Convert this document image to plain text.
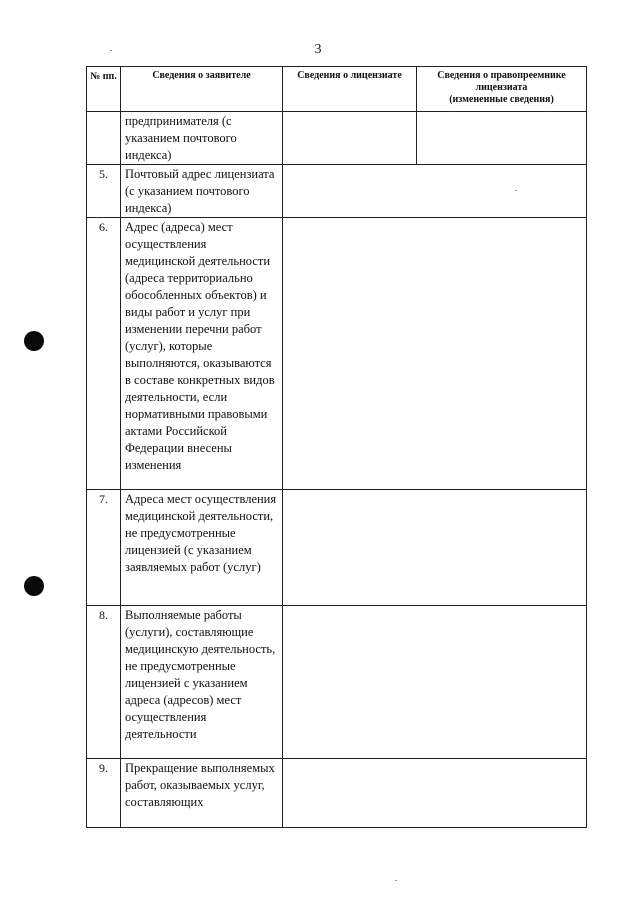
3
№ пп.	Сведения о заявителе	Сведения о лицензиате	Сведения о правопреемнике лицензиата
(измененные сведения)

	предпринимателя (с указанием почтового индекса)		
5.	Почтовый адрес лицензиата (с указанием почтового индекса)		
6.	Адрес (адреса) мест осуществления медицинской деятельности (адреса территориально обособленных объектов) и виды работ и услуг при изменении перечни работ (услуг), которые выполняются, оказываются в составе конкретных видов деятельности, если нормативными правовыми актами Российской Федерации внесены изменения		
7.	Адреса мест осуществления медицинской деятельности, не предусмотренные лицензией (с указанием заявляемых работ (услуг)		
8.	Выполняемые работы (услуги), составляющие медицинскую деятельность, не предусмотренные лицензией с указанием адреса (адресов) мест осуществления деятельности		
9.	Прекращение выполняемых работ, оказываемых услуг, составляющих		
